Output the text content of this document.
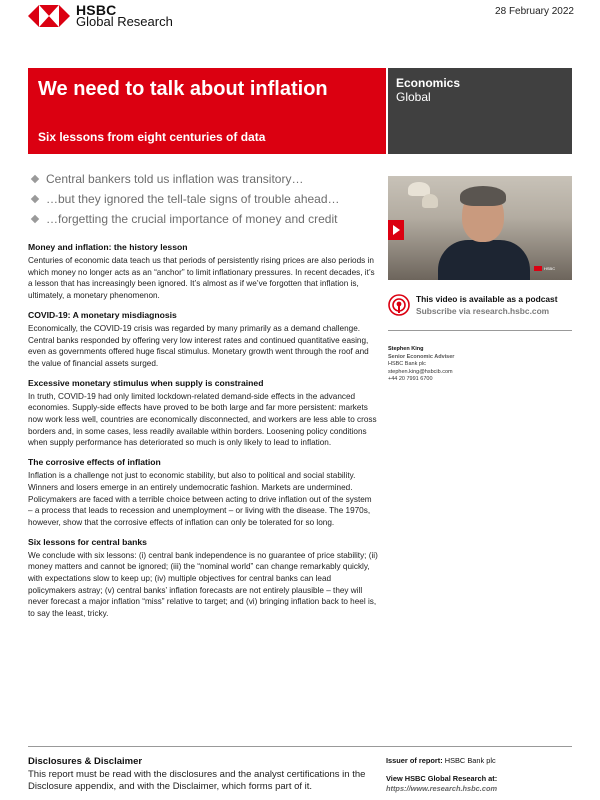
HSBC
Global Research
28 February 2022
We need to talk about inflation
Six lessons from eight centuries of data
Economics
Global
Central bankers told us inflation was transitory…
…but they ignored the tell-tale signs of trouble ahead…
…forgetting the crucial importance of money and credit
Money and inflation: the history lesson

Centuries of economic data teach us that periods of persistently rising prices are also periods in which money no longer acts as an “anchor” to limit inflationary pressures. In recent decades, it’s a lesson that has increasingly been ignored. It’s almost as if we’ve forgotten that inflation is, ultimately, a monetary phenomenon.

COVID-19: A monetary misdiagnosis

Economically, the COVID-19 crisis was regarded by many primarily as a demand challenge. Central banks responded by offering very low interest rates and continued quantitative easing, even as governments offered huge fiscal stimulus. Monetary growth went through the roof and the value of financial assets surged.

Excessive monetary stimulus when supply is constrained

In truth, COVID-19 had only limited lockdown-related demand-side effects in the advanced economies. Supply-side effects have proved to be both large and far more persistent: markets now work less well, countries are economically disconnected, and workers are less able to cross borders and, in some cases, less readily available within borders. Loosening policy conditions when supply performance has deteriorated so much is only likely to lead to inflation.

The corrosive effects of inflation

Inflation is a challenge not just to economic stability, but also to political and social stability. Winners and losers emerge in an entirely undemocratic fashion. Markets are undermined. Policymakers are faced with a terrible choice between acting to drive inflation out of the system – a process that leads to recession and unemployment – or living with the disease. The 1970s, however, show that the corrosive effects of inflation can only be tolerated for so long.

Six lessons for central banks

We conclude with six lessons: (i) central bank independence is no guarantee of price stability; (ii) money matters and cannot be ignored; (iii) the “nominal world” can change remarkably quickly, with expectations slow to keep up; (iv) multiple objectives for central banks can lead policymakers astray; (v) central banks’ inflation forecasts are not entirely plausible – they will never forecast a major inflation “miss” relative to target; and (vi) bringing inflation back to heel is, to say the least, tricky.

HSBC
This video is available as a podcast
Subscribe via research.hsbc.com
Stephen King
Senior Economic Adviser
HSBC Bank plc
stephen.king@hsbcib.com
+44 20 7991 6700
Disclosures & Disclaimer

This report must be read with the disclosures and the analyst certifications in the Disclosure appendix, and with the Disclaimer, which forms part of it.

Issuer of report: HSBC Bank plc
View HSBC Global Research at:
https://www.research.hsbc.com
